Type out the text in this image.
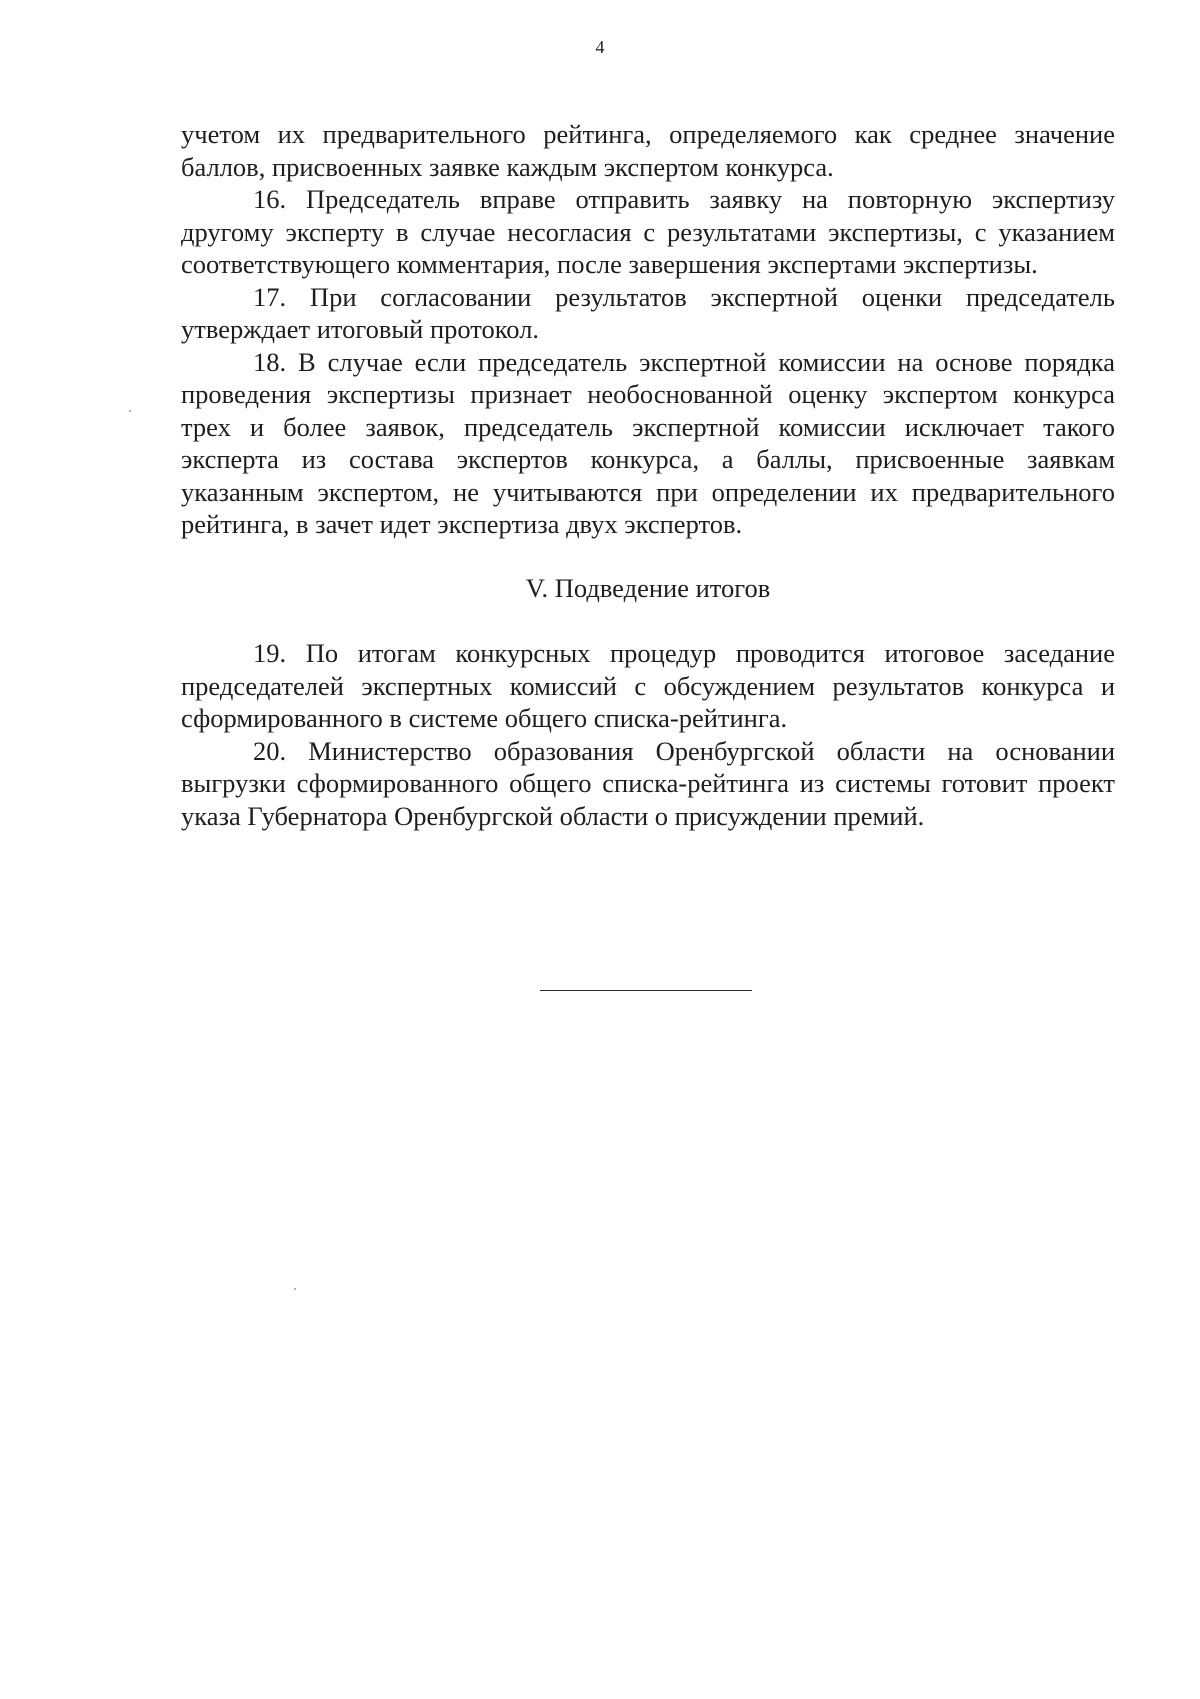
4

учетом их предварительного рейтинга, определяемого как среднее значение баллов, присвоенных заявке каждым экспертом конкурса.

16. Председатель вправе отправить заявку на повторную экспертизу другому эксперту в случае несогласия с результатами экспертизы, с указанием соответствующего комментария, после завершения экспертами экспертизы.

17. При согласовании результатов экспертной оценки председатель утверждает итоговый протокол.

18. В случае если председатель экспертной комиссии на основе порядка проведения экспертизы признает необоснованной оценку экспертом конкурса трех и более заявок, председатель экспертной комиссии исключает такого эксперта из состава экспертов конкурса, а баллы, присвоенные заявкам указанным экспертом, не учитываются при определении их предварительного рейтинга, в зачет идет экспертиза двух экспертов.

V. Подведение итогов

19. По итогам конкурсных процедур проводится итоговое заседание председателей экспертных комиссий с обсуждением результатов конкурса и сформированного в системе общего списка-рейтинга.

20. Министерство образования Оренбургской области на основании выгрузки сформированного общего списка-рейтинга из системы готовит проект указа Губернатора Оренбургской области о присуждении премий.
